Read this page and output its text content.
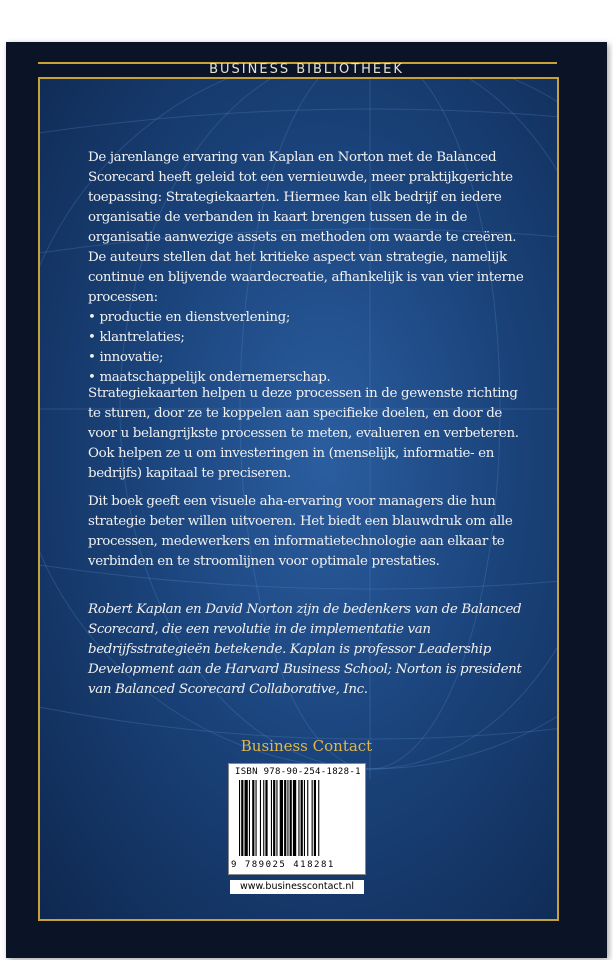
BUSINESS BIBLIOTHEEK

De jarenlange ervaring van Kaplan en Norton met de Balanced Scorecard heeft geleid tot een vernieuwde, meer praktijkgerichte toepassing: Strategiekaarten. Hiermee kan elk bedrijf en iedere organisatie de verbanden in kaart brengen tussen de in de organisatie aanwezige assets en methoden om waarde te creëren.

De auteurs stellen dat het kritieke aspect van strategie, namelijk continue en blijvende waardecreatie, afhankelijk is van vier interne processen:

• productie en dienstverlening;
• klantrelaties;
• innovatie;
• maatschappelijk ondernemerschap.

Strategiekaarten helpen u deze processen in de gewenste richting te sturen, door ze te koppelen aan specifieke doelen, en door de voor u belangrijkste processen te meten, evalueren en verbeteren. Ook helpen ze u om investeringen in (menselijk, informatie- en bedrijfs) kapitaal te preciseren.

Dit boek geeft een visuele aha-ervaring voor managers die hun strategie beter willen uitvoeren. Het biedt een blauwdruk om alle processen, medewerkers en informatietechnologie aan elkaar te verbinden en te stroomlijnen voor optimale prestaties.

Robert Kaplan en David Norton zijn de bedenkers van de Balanced Scorecard, die een revolutie in de implementatie van bedrijfsstrategieën betekende. Kaplan is professor Leadership Development aan de Harvard Business School; Norton is president van Balanced Scorecard Collaborative, Inc.

Business Contact
ISBN 978-90-254-1828-1
9 789025 418281
www.businesscontact.nl
